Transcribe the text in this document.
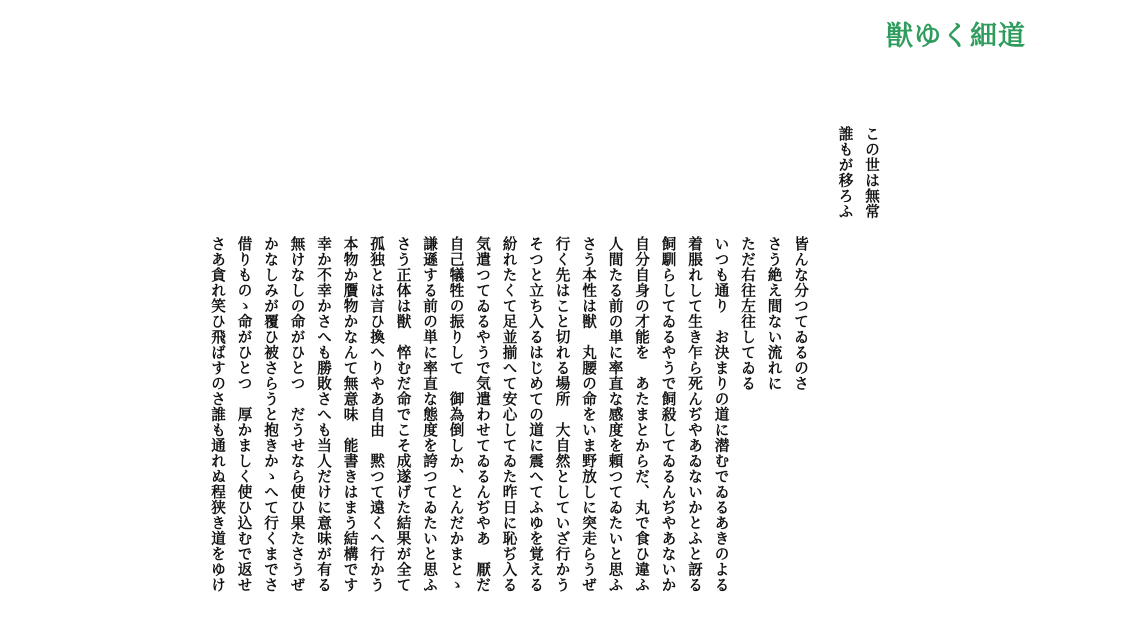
獣ゆく細道
この世は無常
誰もが移ろふ
皆んな分つてゐるのさ
さう絶え間ない流れに
ただ右往左往してゐる
いつも通り　お決まりの道に潜むでゐるあきのよる
着脹れして生き乍ら死んぢやあゐないかとふと訝る
飼馴らしてゐるやうで飼殺してゐるんぢやあないか
自分自身の才能を　あたまとからだ、丸で食ひ違ふ
人間たる前の単に率直な感度を頼つてゐたいと思ふ
さう本性は獣　丸腰の命をいま野放しに突走らうぜ
行く先はこと切れる場所　大自然としていざ行かう
そつと立ち入るはじめての道に震へてふゆを覚える
紛れたくて足並揃へて安心してゐた昨日に恥ぢ入る
気遣つてゐるやうで気遣わせてゐるんぢやあ　厭だ
自己犠牲の振りして　御為倒しか、とんだかまとゝ
謙遜する前の単に率直な態度を誇つてゐたいと思ふ
さう正体は獣　悴むだ命でこそ成遂げた結果が全て
孤独とは言ひ換へりやあ自由　黙つて遠くへ行かう
本物か贋物かなんて無意味　能書きはまう結構です
幸か不幸かさへも勝敗さへも当人だけに意味が有る
無けなしの命がひとつ　だうせなら使ひ果たさうぜ
かなしみが覆ひ被さらうと抱きかゝへて行くまでさ
借りものゝ命がひとつ　厚かましく使ひ込むで返せ
さあ貪れ笑ひ飛ばすのさ誰も通れぬ程狭き道をゆけ
